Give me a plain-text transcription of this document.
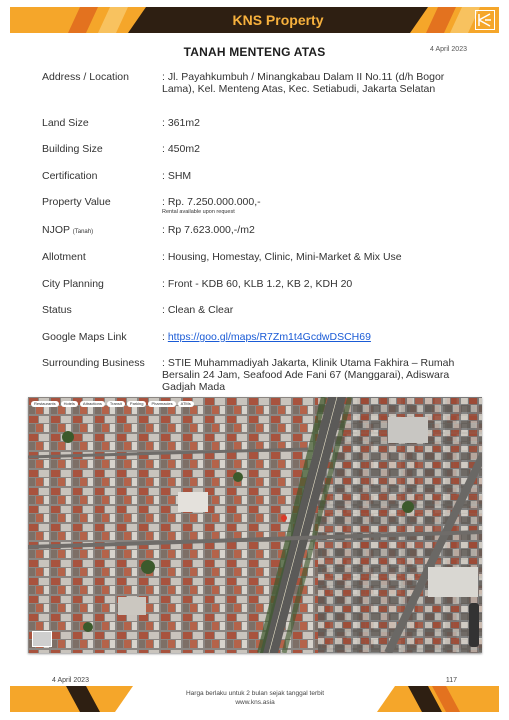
KNS Property
TANAH MENTENG ATAS	4 April 2023
Address / Location	: Jl. Payahkumbuh / Minangkabau Dalam II No.11 (d/h Bogor Lama), Kel. Menteng Atas, Kec. Setiabudi, Jakarta Selatan
Land Size	: 361m2
Building Size	: 450m2
Certification	: SHM
Property Value	: Rp. 7.250.000.000,-
Rental available upon request
NJOP (Tanah)	: Rp 7.623.000,-/m2
Allotment	: Housing, Homestay, Clinic, Mini-Market & Mix Use
City Planning	: Front - KDB 60, KLB 1.2, KB 2, KDH 20
Status	: Clean & Clear
Google Maps Link	: https://goo.gl/maps/R7Zm1t4GcdwDSCH69
Surrounding Business	: STIE Muhammadiyah Jakarta, Klinik Utama Fakhira – Rumah Bersalin 24 Jam, Seafood Ade Fani 67 (Manggarai), Adiswara Gadjah Mada
Restaurants	Hotels	Attractions	Transit	Parking	Pharmacies	ATMs
4 April 2023	117
Harga berlaku untuk 2 bulan sejak tanggal terbit
www.kns.asia
